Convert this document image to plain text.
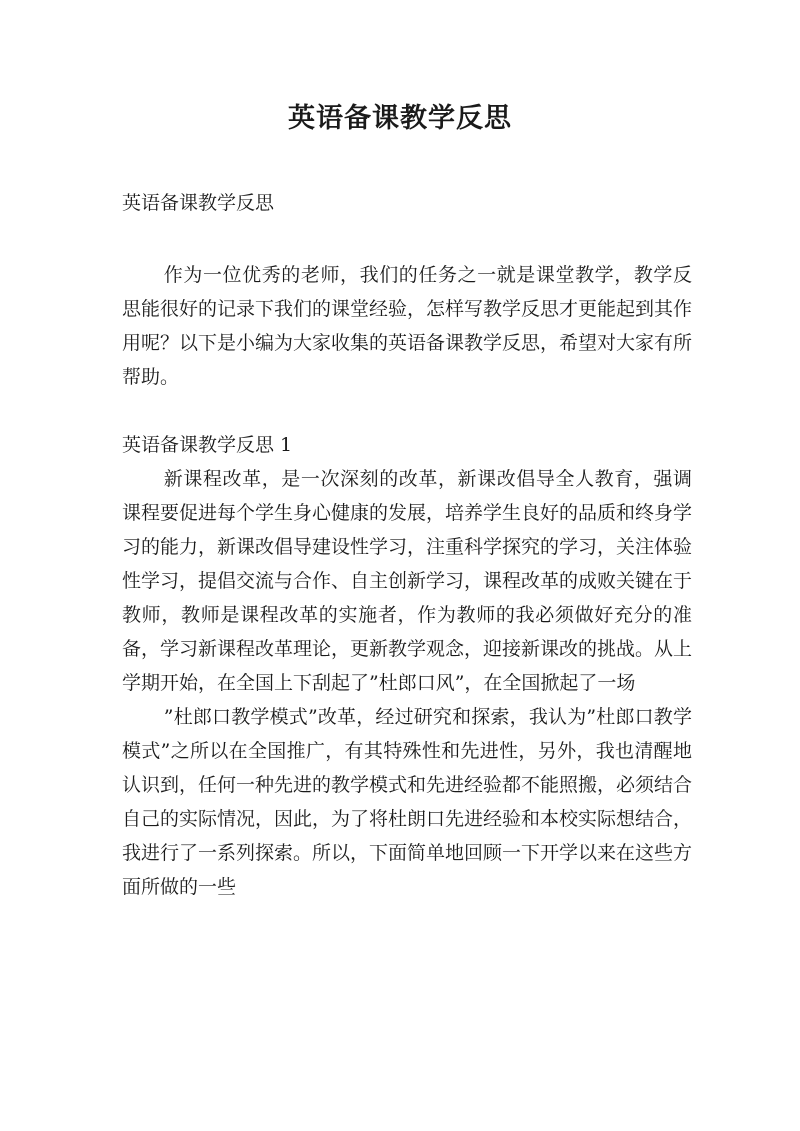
英语备课教学反思

英语备课教学反思

作为一位优秀的老师，我们的任务之一就是课堂教学，教学反思能很好的记录下我们的课堂经验，怎样写教学反思才更能起到其作用呢？以下是小编为大家收集的英语备课教学反思，希望对大家有所帮助。

英语备课教学反思 1

新课程改革，是一次深刻的改革，新课改倡导全人教育，强调课程要促进每个学生身心健康的发展，培养学生良好的品质和终身学习的能力，新课改倡导建设性学习，注重科学探究的学习，关注体验性学习，提倡交流与合作、自主创新学习，课程改革的成败关键在于教师，教师是课程改革的实施者，作为教师的我必须做好充分的准备，学习新课程改革理论，更新教学观念，迎接新课改的挑战。从上学期开始，在全国上下刮起了”杜郎口风”，在全国掀起了一场

”杜郎口教学模式”改革，经过研究和探索，我认为”杜郎口教学模式”之所以在全国推广，有其特殊性和先进性，另外，我也清醒地认识到，任何一种先进的教学模式和先进经验都不能照搬，必须结合自己的实际情况，因此，为了将杜朗口先进经验和本校实际想结合，我进行了一系列探索。所以，下面简单地回顾一下开学以来在这些方面所做的一些
